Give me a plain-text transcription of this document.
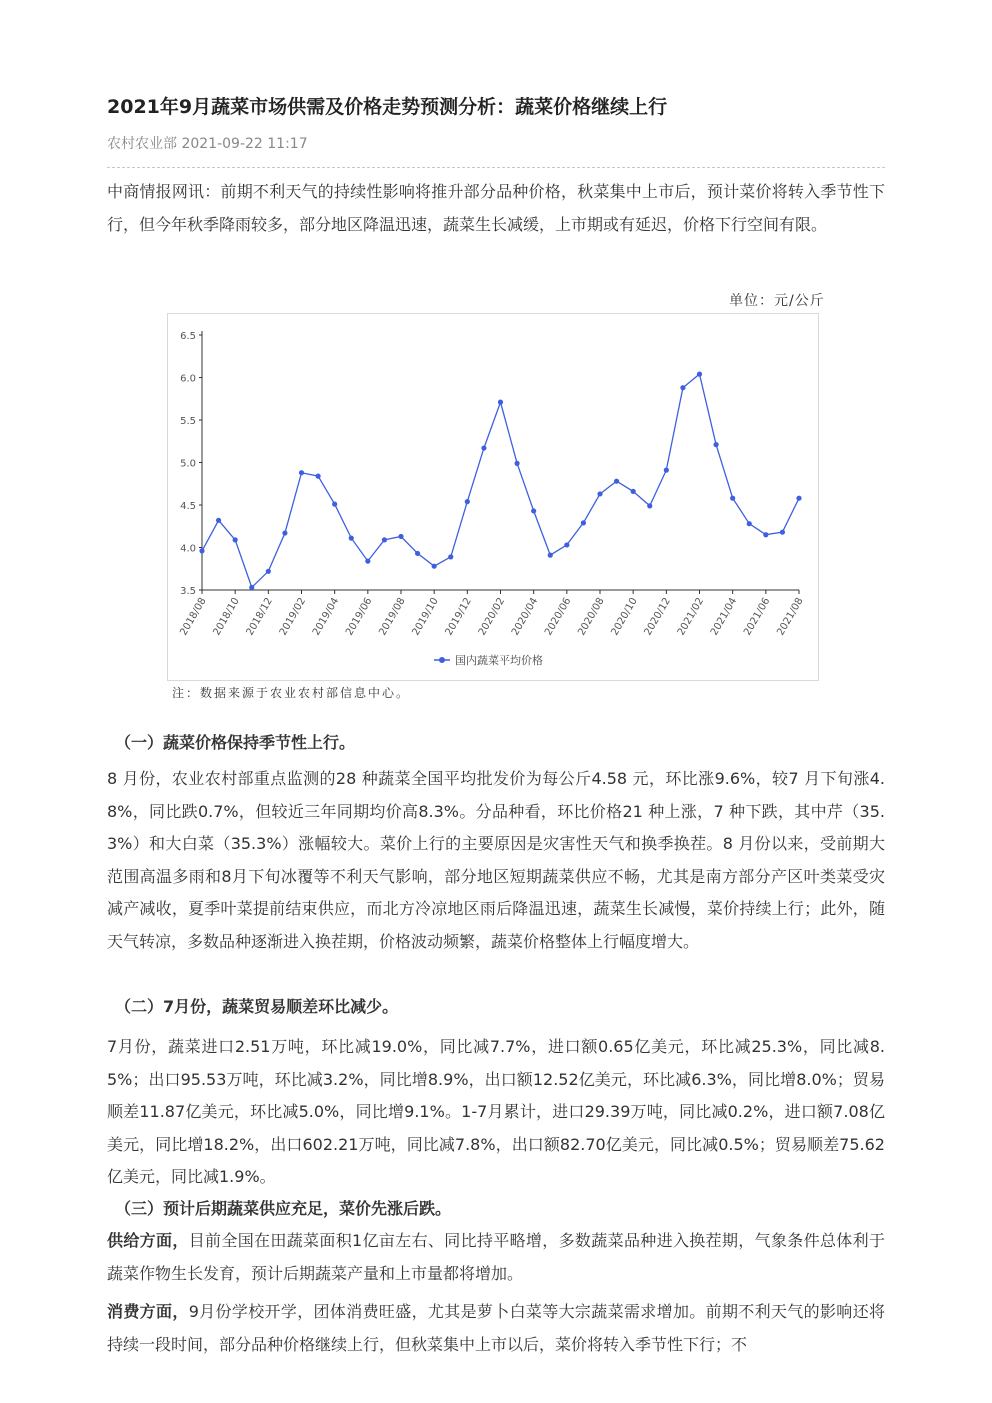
2021年9月蔬菜市场供需及价格走势预测分析：蔬菜价格继续上行
农村农业部 2021-09-22 11:17
中商情报网讯：前期不利天气的持续性影响将推升部分品种价格，秋菜集中上市后，预计菜价将转入季节性下行，但今年秋季降雨较多，部分地区降温迅速，蔬菜生长减缓，上市期或有延迟，价格下行空间有限。
单位：元/公斤
3.5
4.0
4.5
5.0
5.5
6.0
6.5
2018/08 2018/10 2018/12 2019/02 2019/04 2019/06 2019/08 2019/10 2019/12 2020/02 2020/04 2020/06 2020/08 2020/10 2020/12 2021/02 2021/04 2021/06 2021/08
国内蔬菜平均价格
注：数据来源于农业农村部信息中心。
（一）蔬菜价格保持季节性上行。
8 月份，农业农村部重点监测的28 种蔬菜全国平均批发价为每公斤4.58 元，环比涨9.6%，较7 月下旬涨4.8%，同比跌0.7%，但较近三年同期均价高8.3%。分品种看，环比价格21 种上涨，7 种下跌，其中芹（35.3%）和大白菜（35.3%）涨幅较大。菜价上行的主要原因是灾害性天气和换季换茬。8 月份以来，受前期大范围高温多雨和8月下旬冰覆等不利天气影响，部分地区短期蔬菜供应不畅，尤其是南方部分产区叶类菜受灾减产减收，夏季叶菜提前结束供应，而北方冷凉地区雨后降温迅速，蔬菜生长减慢，菜价持续上行；此外，随天气转凉，多数品种逐渐进入换茬期，价格波动频繁，蔬菜价格整体上行幅度增大。
（二）7月份，蔬菜贸易顺差环比减少。
7月份，蔬菜进口2.51万吨，环比减19.0%，同比减7.7%，进口额0.65亿美元，环比减25.3%，同比减8.5%；出口95.53万吨，环比减3.2%，同比增8.9%，出口额12.52亿美元，环比减6.3%，同比增8.0%；贸易顺差11.87亿美元，环比减5.0%，同比增9.1%。1-7月累计，进口29.39万吨，同比减0.2%，进口额7.08亿美元，同比增18.2%，出口602.21万吨，同比减7.8%，出口额82.70亿美元，同比减0.5%；贸易顺差75.62亿美元，同比减1.9%。
（三）预计后期蔬菜供应充足，菜价先涨后跌。
供给方面，目前全国在田蔬菜面积1亿亩左右、同比持平略增，多数蔬菜品种进入换茬期，气象条件总体利于蔬菜作物生长发育，预计后期蔬菜产量和上市量都将增加。
消费方面，9月份学校开学，团体消费旺盛，尤其是萝卜白菜等大宗蔬菜需求增加。前期不利天气的影响还将持续一段时间，部分品种价格继续上行，但秋菜集中上市以后，菜价将转入季节性下行；不
